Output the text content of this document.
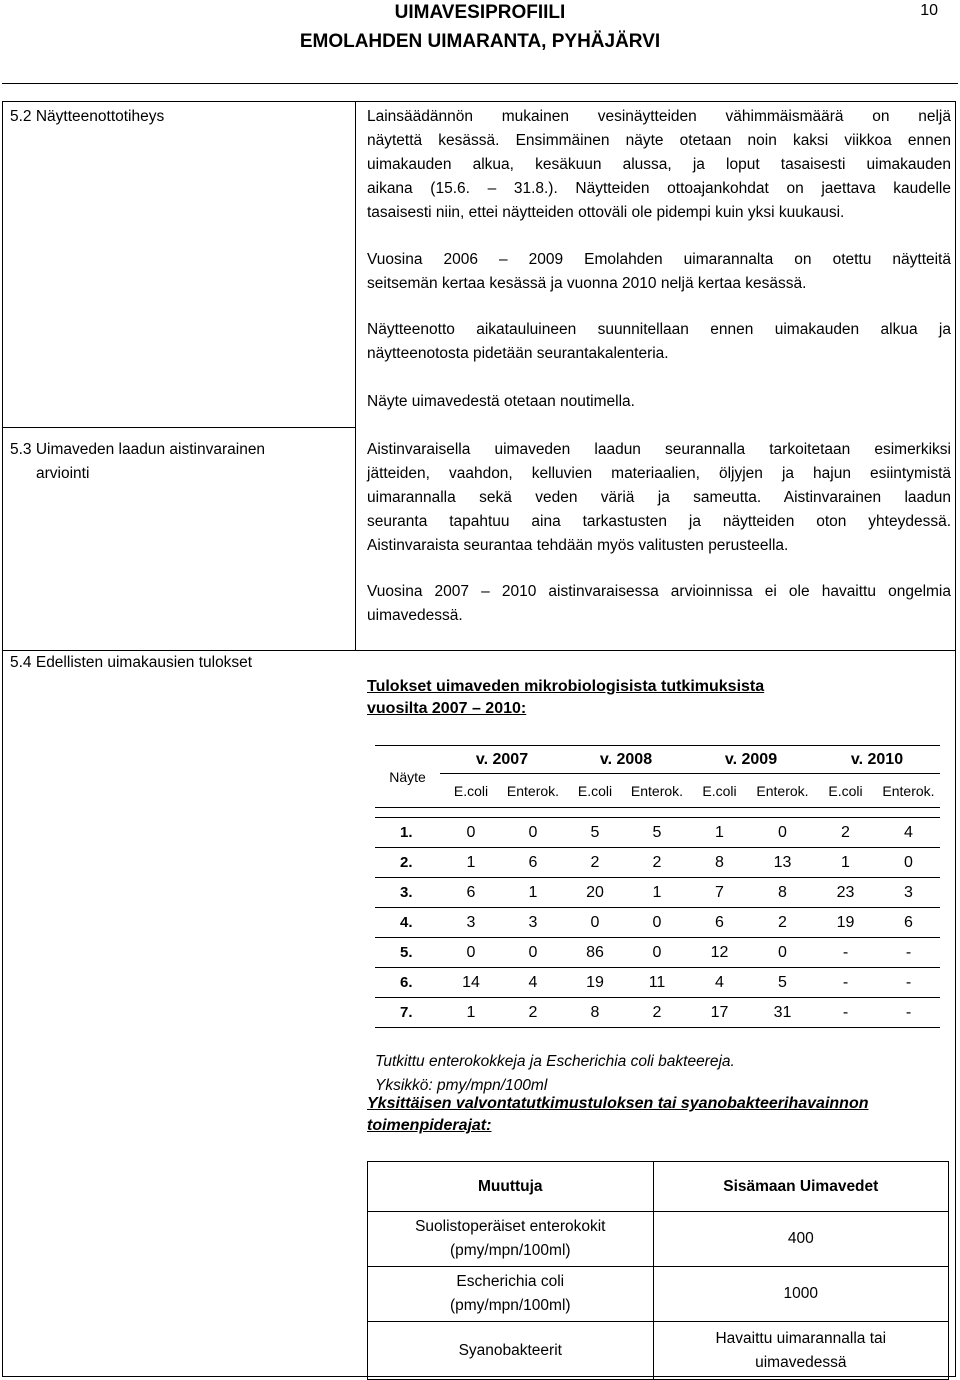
UIMAVESIPROFIILI
EMOLAHDEN UIMARANTA, PYHÄJÄRVI
10
5.2 Näytteenottotiheys	Lainsäädännön mukainen vesinäytteiden vähimmäismäärä on neljä
näytettä kesässä. Ensimmäinen näyte otetaan noin kaksi viikkoa ennen
uimakauden alkua, kesäkuun alussa, ja loput tasaisesti uimakauden
aikana (15.6. – 31.8.). Näytteiden ottoajankohdat on jaettava kaudelle
tasaisesti niin, ettei näytteiden ottoväli ole pidempi kuin yksi kuukausi.
Vuosina 2006 – 2009 Emolahden uimarannalta on otettu näytteitä
seitsemän kertaa kesässä ja vuonna 2010 neljä kertaa kesässä.
Näytteenotto aikatauluineen suunnitellaan ennen uimakauden alkua ja
näytteenotosta pidetään seurantakalenteria.
Näyte uimavedestä otetaan noutimella.
5.3 Uimaveden laadun aistinvarainen
arviointi
Aistinvaraisella uimaveden laadun seurannalla tarkoitetaan esimerkiksi
jätteiden, vaahdon, kelluvien materiaalien, öljyjen ja hajun esiintymistä
uimarannalla sekä veden väriä ja sameutta. Aistinvarainen laadun
seuranta tapahtuu aina tarkastusten ja näytteiden oton yhteydessä.
Aistinvaraista seurantaa tehdään myös valitusten perusteella.
Vuosina 2007 – 2010 aistinvaraisessa arvioinnissa ei ole havaittu ongelmia
uimavedessä.
5.4 Edellisten uimakausien tulokset
Tulokset uimaveden mikrobiologisista tutkimuksista
vuosilta 2007 – 2010:
Näyte	v. 2007		v. 2008		v. 2009		v. 2010	
	E.coli	Enterok.	E.coli	Enterok.	E.coli	Enterok.	E.coli	Enterok.

1.	0	0	5	5	1	0	2	4
2.	1	6	2	2	8	13	1	0
3.	6	1	20	1	7	8	23	3
4.	3	3	0	0	6	2	19	6
5.	0	0	86	0	12	0	-	-
6.	14	4	19	11	4	5	-	-
7.	1	2	8	2	17	31	-	-
Tutkittu enterokokkeja ja Escherichia coli bakteereja.
Yksikkö: pmy/mpn/100ml
Yksittäisen valvontatutkimustuloksen tai syanobakteerihavainnon
toimenpiderajat:
Muuttuja	Sisämaan Uimavedet

Suolistoperäiset enterokokit
(pmy/mpn/100ml)	400

Escherichia coli
(pmy/mpn/100ml)	1000

Syanobakteerit	Havaittu uimarannalla tai
uimavedessä
